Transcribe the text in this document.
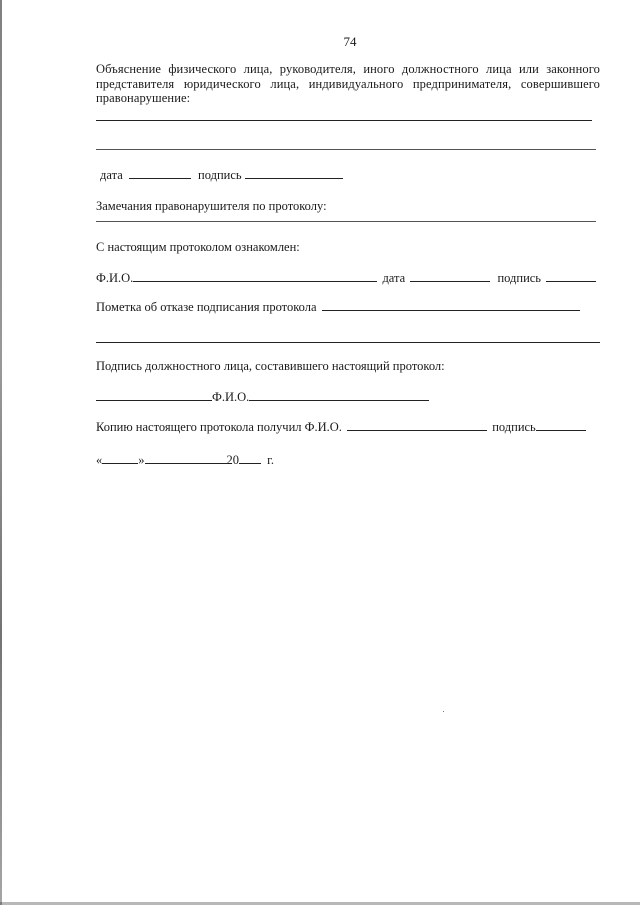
74
Объяснение физического лица, руководителя, иного должностного лица или законного представителя юридического лица, индивидуального предпринимателя, совершившего правонарушение:
дата	подпись
Замечания правонарушителя по протоколу:
С настоящим протоколом ознакомлен:
Ф.И.О.	дата	подпись
Пометка об отказе подписания протокола
Подпись должностного лица, составившего настоящий протокол:
Ф.И.О.
Копию настоящего протокола получил Ф.И.О.	подпись
«	»	20 г.
